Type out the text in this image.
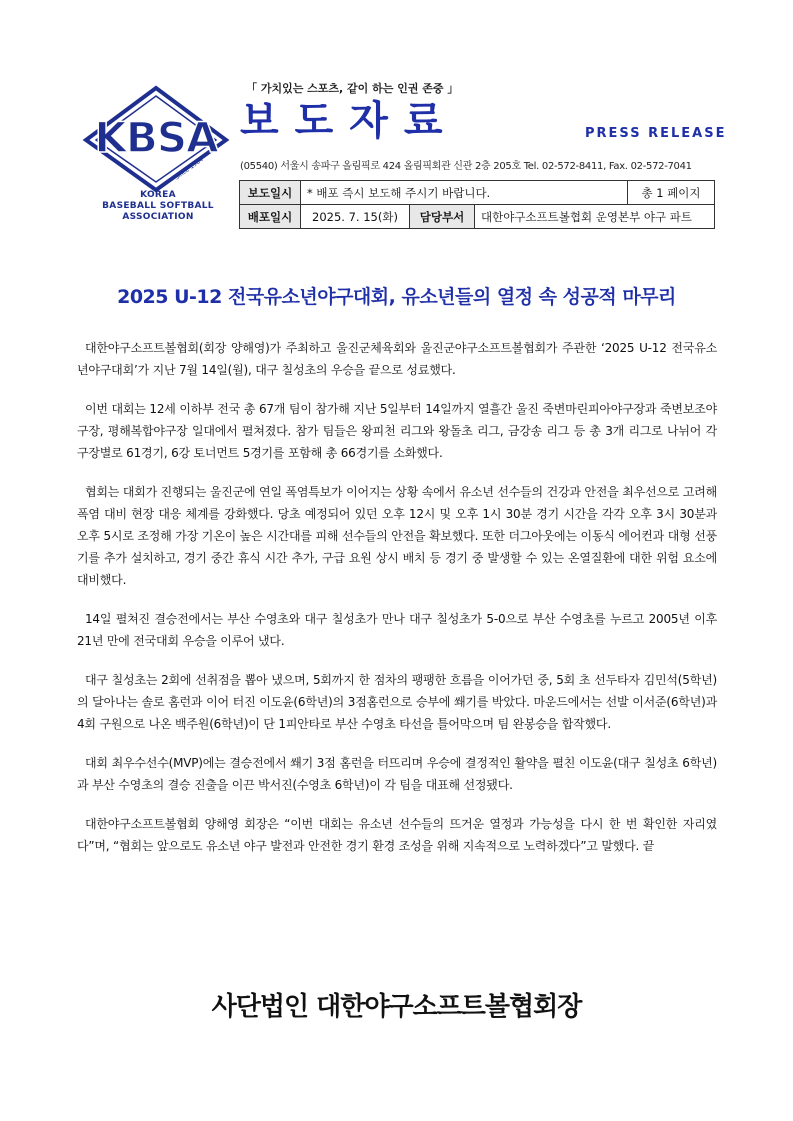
KBSA
Since 1964
KOREA
BASEBALL SOFTBALL
ASSOCIATION
「 가치있는 스포츠, 같이 하는 인권 존중 」
보도자료	PRESS RELEASE
(05540) 서울시 송파구 올림픽로 424 올림픽회관 신관 2층 205호 Tel. 02-572-8411, Fax. 02-572-7041
보도일시	* 배포 즉시 보도해 주시기 바랍니다.			총 1 페이지
배포일시	2025. 7. 15(화)	담당부서	대한야구소프트볼협회 운영본부 야구 파트	
2025 U-12 전국유소년야구대회, 유소년들의 열정 속 성공적 마무리

대한야구소프트볼협회(회장 양해영)가 주최하고 울진군체육회와 울진군야구소프트볼협회가 주관한 ‘2025 U-12 전국유소년야구대회’가 지난 7월 14일(월), 대구 칠성초의 우승을 끝으로 성료했다.

이번 대회는 12세 이하부 전국 총 67개 팀이 참가해 지난 5일부터 14일까지 열흘간 울진 죽변마린피아야구장과 죽변보조야구장, 평해복합야구장 일대에서 펼쳐졌다. 참가 팀들은 왕피천 리그와 왕돌초 리그, 금강송 리그 등 총 3개 리그로 나뉘어 각 구장별로 61경기, 6강 토너먼트 5경기를 포함해 총 66경기를 소화했다.

협회는 대회가 진행되는 울진군에 연일 폭염특보가 이어지는 상황 속에서 유소년 선수들의 건강과 안전을 최우선으로 고려해 폭염 대비 현장 대응 체계를 강화했다. 당초 예정되어 있던 오후 12시 및 오후 1시 30분 경기 시간을 각각 오후 3시 30분과 오후 5시로 조정해 가장 기온이 높은 시간대를 피해 선수들의 안전을 확보했다. 또한 더그아웃에는 이동식 에어컨과 대형 선풍기를 추가 설치하고, 경기 중간 휴식 시간 추가, 구급 요원 상시 배치 등 경기 중 발생할 수 있는 온열질환에 대한 위험 요소에 대비했다.

14일 펼쳐진 결승전에서는 부산 수영초와 대구 칠성초가 만나 대구 칠성초가 5-0으로 부산 수영초를 누르고 2005년 이후 21년 만에 전국대회 우승을 이루어 냈다.

대구 칠성초는 2회에 선취점을 뽑아 냈으며, 5회까지 한 점차의 팽팽한 흐름을 이어가던 중, 5회 초 선두타자 김민석(5학년)의 달아나는 솔로 홈런과 이어 터진 이도윤(6학년)의 3점홈런으로 승부에 쐐기를 박았다. 마운드에서는 선발 이서준(6학년)과 4회 구원으로 나온 백주원(6학년)이 단 1피안타로 부산 수영초 타선을 틀어막으며 팀 완봉승을 합작했다.

대회 최우수선수(MVP)에는 결승전에서 쐐기 3점 홈런을 터뜨리며 우승에 결정적인 활약을 펼친 이도윤(대구 칠성초 6학년)과 부산 수영초의 결승 진출을 이끈 박서진(수영초 6학년)이 각 팀을 대표해 선정됐다.

대한야구소프트볼협회 양해영 회장은 “이번 대회는 유소년 선수들의 뜨거운 열정과 가능성을 다시 한 번 확인한 자리였다”며, “협회는 앞으로도 유소년 야구 발전과 안전한 경기 환경 조성을 위해 지속적으로 노력하겠다”고 말했다. 끝

사단법인 대한야구소프트볼협회장
